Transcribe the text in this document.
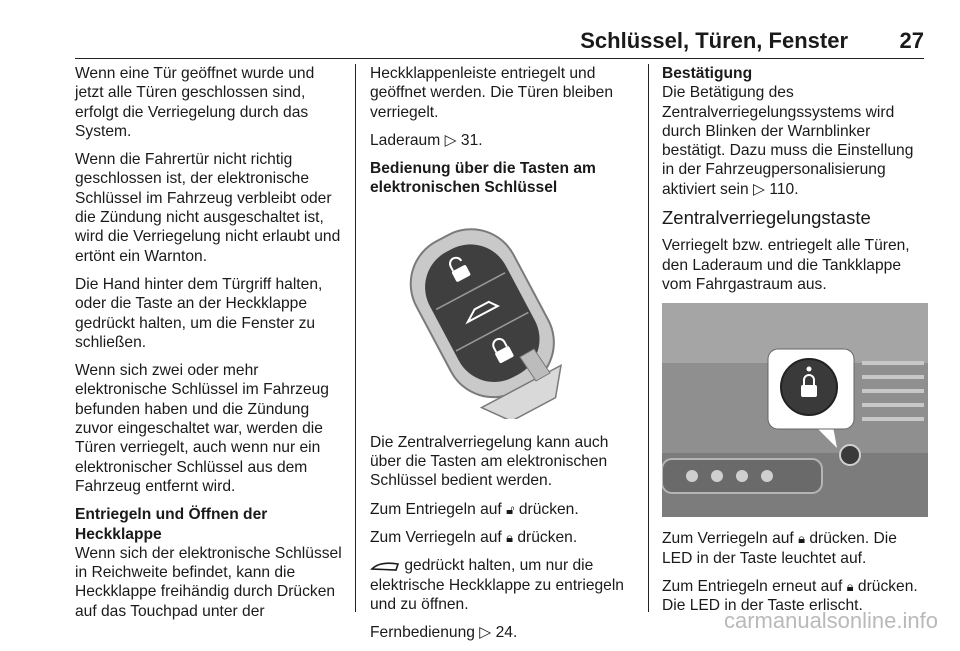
Schlüssel, Türen, Fenster 27

Wenn eine Tür geöffnet wurde und jetzt alle Türen geschlossen sind, erfolgt die Verriegelung durch das System.

Wenn die Fahrertür nicht richtig geschlossen ist, der elektronische Schlüssel im Fahrzeug verbleibt oder die Zündung nicht ausgeschaltet ist, wird die Verriegelung nicht erlaubt und ertönt ein Warnton.

Die Hand hinter dem Türgriff halten, oder die Taste an der Heckklappe gedrückt halten, um die Fenster zu schließen.

Wenn sich zwei oder mehr elektronische Schlüssel im Fahrzeug befunden haben und die Zündung zuvor eingeschaltet war, werden die Türen verriegelt, auch wenn nur ein elektronischer Schlüssel aus dem Fahrzeug entfernt wird.

Entriegeln und Öffnen der Heckklappe

Wenn sich der elektronische Schlüssel in Reichweite befindet, kann die Heckklappe freihändig durch Drücken auf das Touchpad unter der

Heckklappenleiste entriegelt und geöffnet werden. Die Türen bleiben verriegelt.

Laderaum ▷ 31.

Bedienung über die Tasten am elektronischen Schlüssel

Die Zentralverriegelung kann auch über die Tasten am elektronischen Schlüssel bedient werden.

Zum Entriegeln auf 🔓︎ drücken.

Zum Verriegeln auf 🔒︎ drücken.

gedrückt halten, um nur die elektrische Heckklappe zu entriegeln und zu öffnen.

Fernbedienung ▷ 24.

Bestätigung

Die Betätigung des Zentralverriegelungssystems wird durch Blinken der Warnblinker bestätigt. Dazu muss die Einstellung in der Fahrzeugpersonalisierung aktiviert sein ▷ 110.

Zentralverriegelungstaste

Verriegelt bzw. entriegelt alle Türen, den Laderaum und die Tankklappe vom Fahrgastraum aus.

Zum Verriegeln auf 🔒︎ drücken. Die LED in der Taste leuchtet auf.

Zum Entriegeln erneut auf 🔒︎ drücken. Die LED in der Taste erlischt.

carmanualsonline.info
